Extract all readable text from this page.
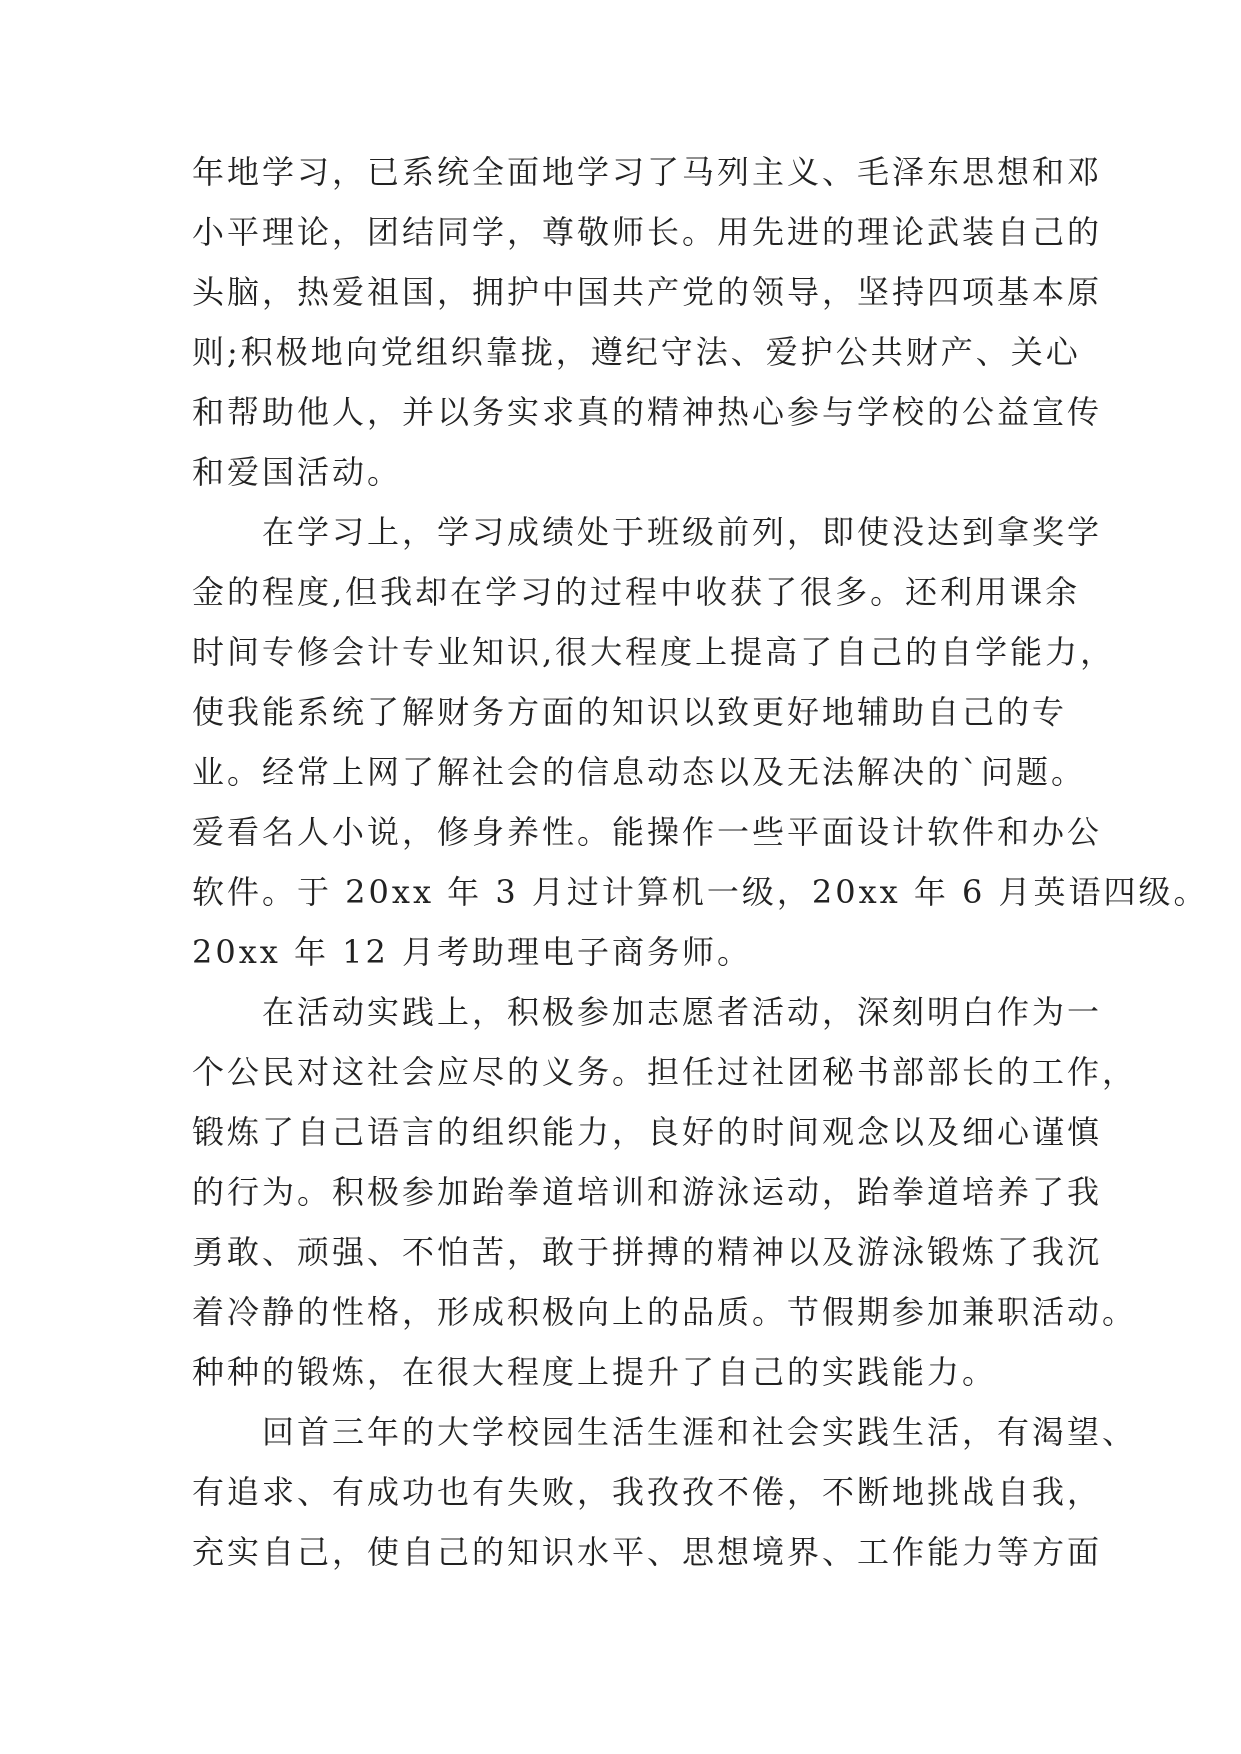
年地学习，已系统全面地学习了马列主义、毛泽东思想和邓
小平理论，团结同学，尊敬师长。用先进的理论武装自己的
头脑，热爱祖国，拥护中国共产党的领导，坚持四项基本原
则;积极地向党组织靠拢，遵纪守法、爱护公共财产、关心
和帮助他人，并以务实求真的精神热心参与学校的公益宣传
和爱国活动。
　　在学习上，学习成绩处于班级前列，即使没达到拿奖学
金的程度,但我却在学习的过程中收获了很多。还利用课余
时间专修会计专业知识,很大程度上提高了自己的自学能力，
使我能系统了解财务方面的知识以致更好地辅助自己的专
业。经常上网了解社会的信息动态以及无法解决的`问题。
爱看名人小说，修身养性。能操作一些平面设计软件和办公
软件。于 20xx 年 3 月过计算机一级，20xx 年 6 月英语四级。
20xx 年 12 月考助理电子商务师。
　　在活动实践上，积极参加志愿者活动，深刻明白作为一
个公民对这社会应尽的义务。担任过社团秘书部部长的工作，
锻炼了自己语言的组织能力，良好的时间观念以及细心谨慎
的行为。积极参加跆拳道培训和游泳运动，跆拳道培养了我
勇敢、顽强、不怕苦，敢于拼搏的精神以及游泳锻炼了我沉
着冷静的性格，形成积极向上的品质。节假期参加兼职活动。
种种的锻炼，在很大程度上提升了自己的实践能力。
　　回首三年的大学校园生活生涯和社会实践生活，有渴望、
有追求、有成功也有失败，我孜孜不倦，不断地挑战自我，
充实自己，使自己的知识水平、思想境界、工作能力等方面
